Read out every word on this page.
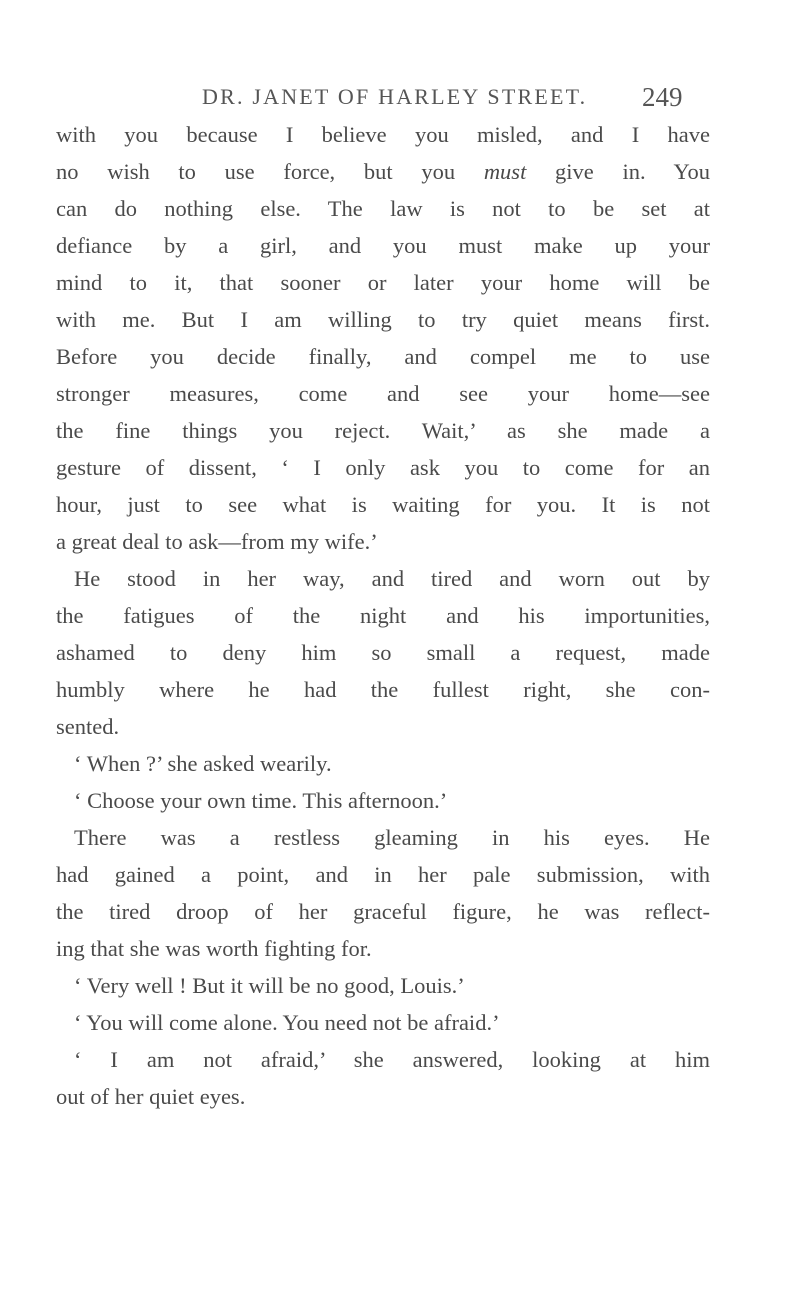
DR. JANET OF HARLEY STREET. 249
with you because I believe you misled, and I have
no wish to use force, but you must give in. You
can do nothing else. The law is not to be set at
defiance by a girl, and you must make up your
mind to it, that sooner or later your home will be
with me. But I am willing to try quiet means first.
Before you decide finally, and compel me to use
stronger measures, come and see your home—see
the fine things you reject. Wait,’ as she made a
gesture of dissent, ‘ I only ask you to come for an
hour, just to see what is waiting for you. It is not
a great deal to ask—from my wife.’
He stood in her way, and tired and worn out by
the fatigues of the night and his importunities,
ashamed to deny him so small a request, made
humbly where he had the fullest right, she con-
sented.
‘ When ?’ she asked wearily.
‘ Choose your own time. This afternoon.’
There was a restless gleaming in his eyes. He
had gained a point, and in her pale submission, with
the tired droop of her graceful figure, he was reflect-
ing that she was worth fighting for.
‘ Very well ! But it will be no good, Louis.’
‘ You will come alone. You need not be afraid.’
‘ I am not afraid,’ she answered, looking at him
out of her quiet eyes.
